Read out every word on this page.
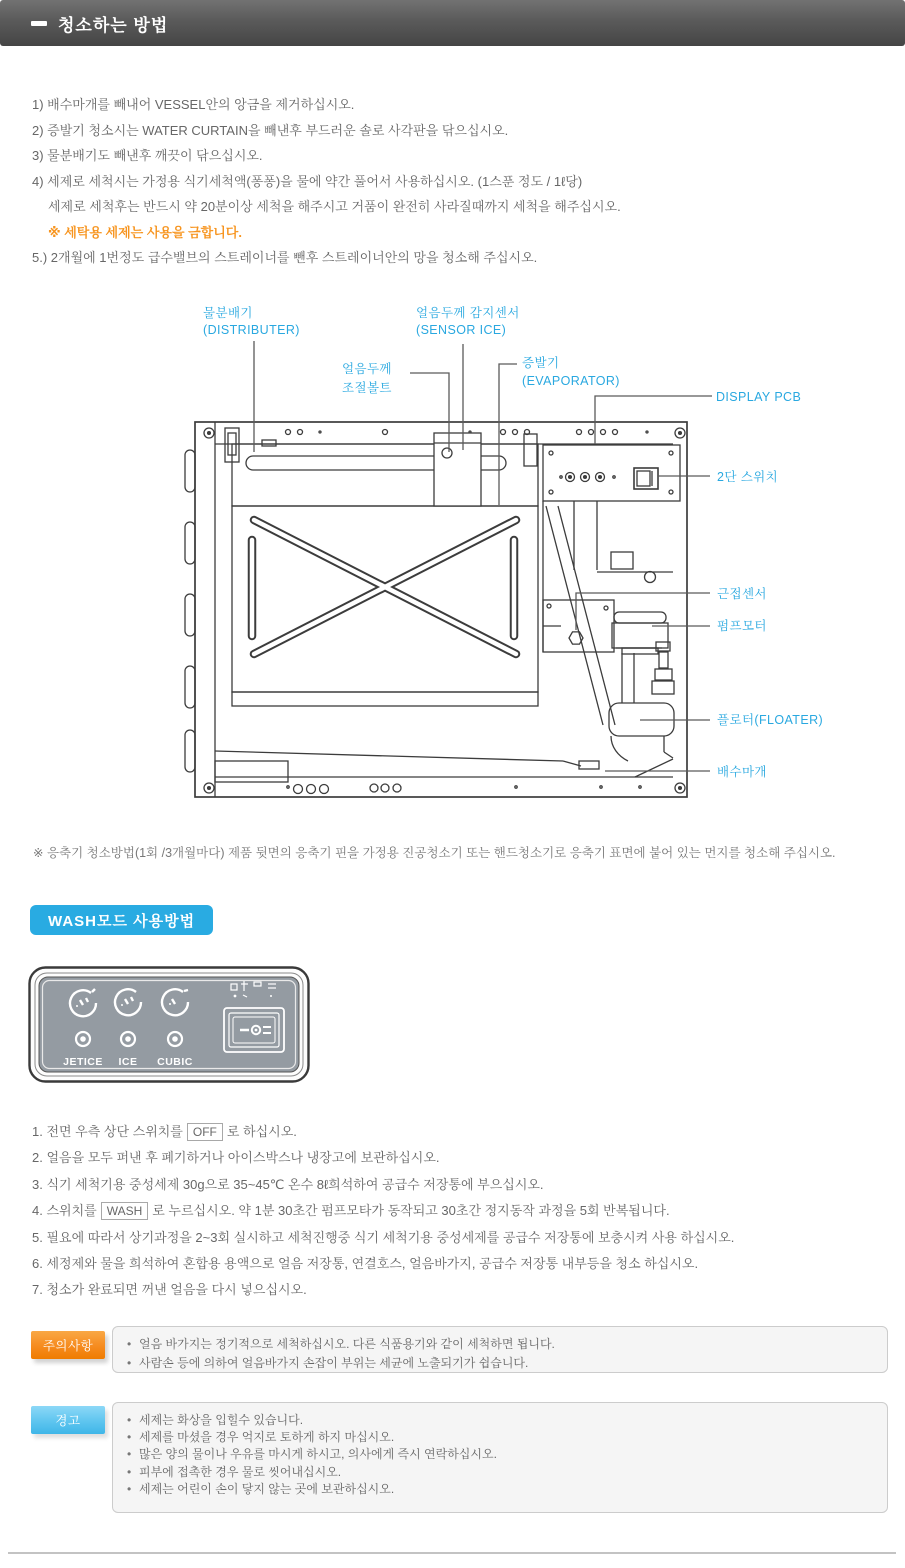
청소하는 방법
1) 배수마개를 빼내어 VESSEL안의 앙금을 제거하십시오.
2) 증발기 청소시는 WATER CURTAIN을 빼낸후 부드러운 솔로 사각판을 닦으십시오.
3) 물분배기도 빼낸후 깨끗이 닦으십시오.
4) 세제로 세척시는 가정용 식기세척액(퐁퐁)을 물에 약간 풀어서 사용하십시오. (1스푼 정도 / 1ℓ당)
세제로 세척후는 반드시 약 20분이상 세척을 해주시고 거품이 완전히 사라질때까지 세척을 해주십시오.
※ 세탁용 세제는 사용을 금합니다.
5.) 2개월에 1번정도 급수밸브의 스트레이너를 뺀후 스트레이너안의 망을 청소해 주십시오.
물분배기
(DISTRIBUTER)
얼음두께 감지센서
(SENSOR ICE)
얼음두께
조절볼트
증발기
(EVAPORATOR)
DISPLAY PCB
2단 스위치
근접센서
펌프모터
플로터(FLOATER)
배수마개
※ 응축기 청소방법(1회 /3개월마다) 제품 뒷면의 응축기 핀을 가정용 진공청소기 또는 핸드청소기로 응축기 표면에 붙어 있는 먼지를 청소해 주십시오.
WASH모드 사용방법
JETICE ICE CUBIC
1. 전면 우측 상단 스위치를 OFF 로 하십시오.
2. 얼음을 모두 퍼낸 후 폐기하거나 아이스박스나 냉장고에 보관하십시오.
3. 식기 세척기용 중성세제 30g으로 35~45℃ 온수 8ℓ희석하여 공급수 저장통에 부으십시오.
4. 스위치를 WASH 로 누르십시오. 약 1분 30초간 펌프모타가 동작되고 30초간 정지동작 과정을 5회 반복됩니다.
5. 필요에 따라서 상기과정을 2~3회 실시하고 세척진행중 식기 세척기용 중성세제를 공급수 저장통에 보충시켜 사용 하십시오.
6. 세정제와 물을 희석하여 혼합용 용액으로 얼음 저장통, 연결호스, 얼음바가지, 공급수 저장통 내부등을 청소 하십시오.
7. 청소가 완료되면 꺼낸 얼음을 다시 넣으십시오.
주의사항	• 얼음 바가지는 정기적으로 세척하십시오. 다른 식품용기와 같이 세척하면 됩니다.
• 사람손 등에 의하여 얼음바가지 손잡이 부위는 세균에 노출되기가 쉽습니다.
경고	• 세제는 화상을 입힐수 있습니다.
• 세제를 마셨을 경우 억지로 토하게 하지 마십시오.
• 많은 양의 물이나 우유를 마시게 하시고, 의사에게 즉시 연락하십시오.
• 피부에 접촉한 경우 물로 씻어내십시오.
• 세제는 어린이 손이 닿지 않는 곳에 보관하십시오.
